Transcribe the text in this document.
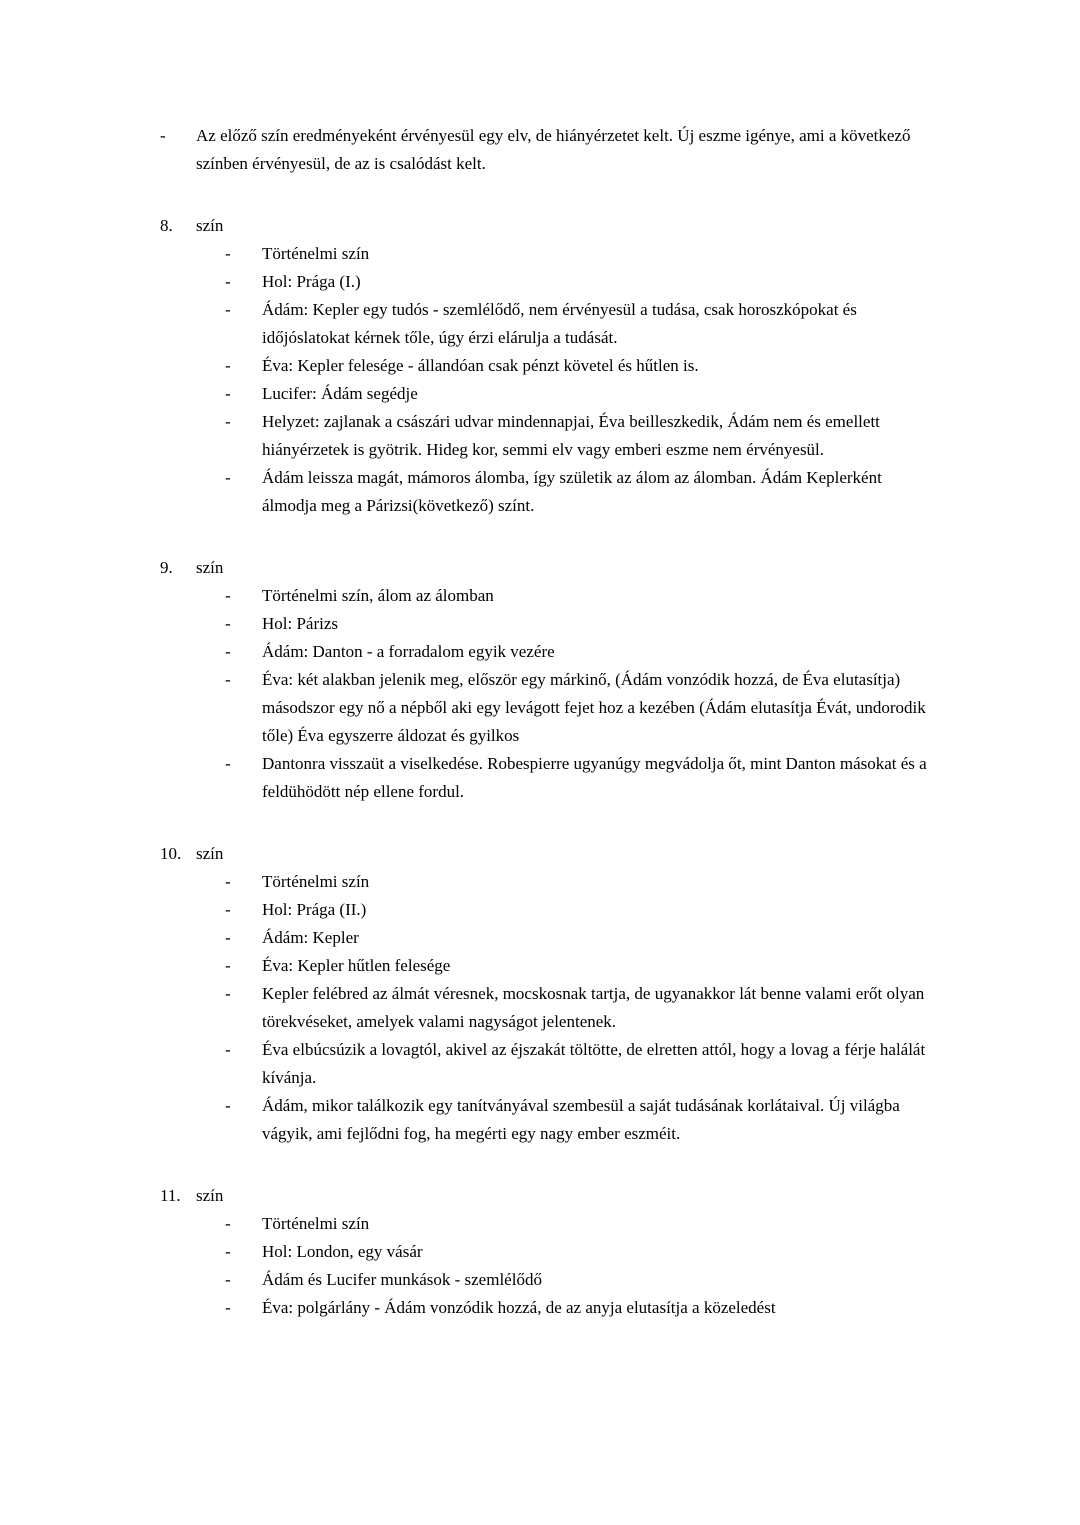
-	Az előző szín eredményeként érvényesül egy elv, de hiányérzetet kelt. Új eszme igénye, ami a következő színben érvényesül, de az is csalódást kelt.
8.	szín
-	Történelmi szín
-	Hol: Prága (I.)
-	Ádám: Kepler egy tudós - szemlélődő, nem érvényesül a tudása, csak horoszkópokat és időjóslatokat kérnek tőle, úgy érzi elárulja a tudását.
-	Éva: Kepler felesége - állandóan csak pénzt követel és hűtlen is.
-	Lucifer: Ádám segédje
-	Helyzet: zajlanak a császári udvar mindennapjai, Éva beilleszkedik, Ádám nem és emellett hiányérzetek is gyötrik. Hideg kor, semmi elv vagy emberi eszme nem érvényesül.
-	Ádám leissza magát, mámoros álomba, így születik az álom az álomban. Ádám Keplerként álmodja meg a Párizsi(következő) színt.
9.	szín
-	Történelmi szín, álom az álomban
-	Hol: Párizs
-	Ádám: Danton - a forradalom egyik vezére
-	Éva: két alakban jelenik meg, először egy márkinő, (Ádám vonzódik hozzá, de Éva elutasítja) másodszor egy nő a népből aki egy levágott fejet hoz a kezében (Ádám elutasítja Évát, undorodik tőle) Éva egyszerre áldozat és gyilkos
-	Dantonra visszaüt a viselkedése. Robespierre ugyanúgy megvádolja őt, mint Danton másokat és a feldühödött nép ellene fordul.
10. szín
-	Történelmi szín
-	Hol: Prága (II.)
-	Ádám: Kepler
-	Éva: Kepler hűtlen felesége
-	Kepler felébred az álmát véresnek, mocskosnak tartja, de ugyanakkor lát benne valami erőt olyan törekvéseket, amelyek valami nagyságot jelentenek.
-	Éva elbúcsúzik a lovagtól, akivel az éjszakát töltötte, de elretten attól, hogy a lovag a férje halálát kívánja.
-	Ádám, mikor találkozik egy tanítványával szembesül a saját tudásának korlátaival. Új világba vágyik, ami fejlődni fog, ha megérti egy nagy ember eszméit.
11. szín
-	Történelmi szín
-	Hol: London, egy vásár
-	Ádám és Lucifer munkások - szemlélődő
-	Éva: polgárlány - Ádám vonzódik hozzá, de az anyja elutasítja a közeledést
